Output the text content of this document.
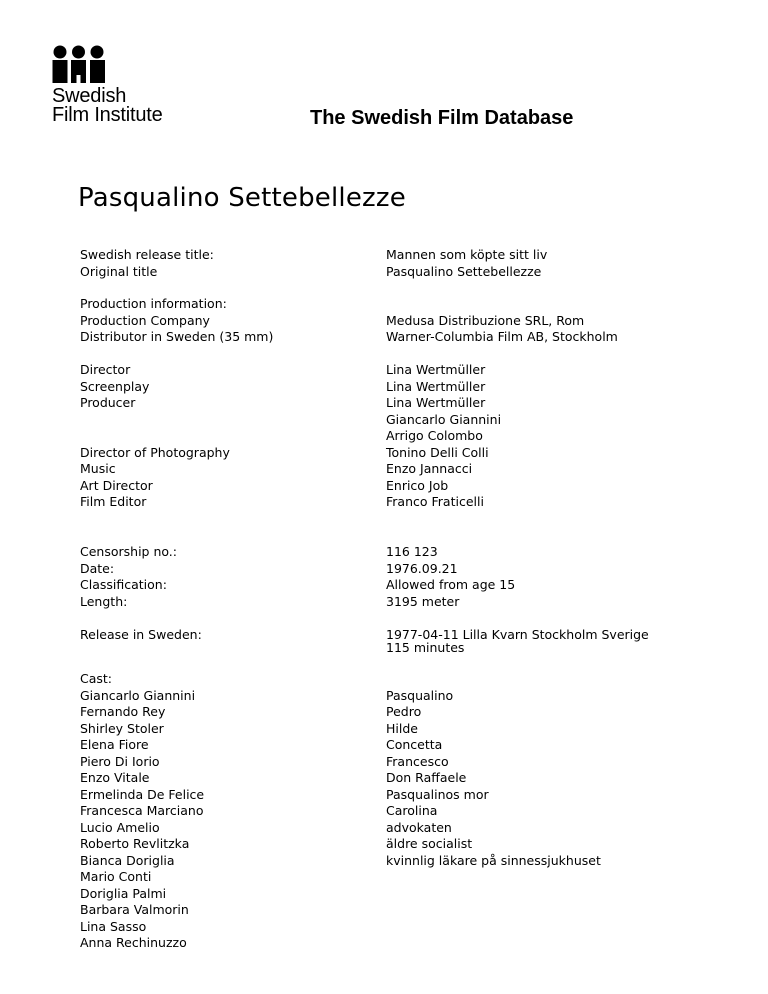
Swedish
Film Institute	The Swedish Film Database
Pasqualino Settebellezze
Swedish release title:
Original title
Mannen som köpte sitt liv
Pasqualino Settebellezze
Production information:
Production Company
Distributor in Sweden (35 mm)
Medusa Distribuzione SRL, Rom
Warner-Columbia Film AB, Stockholm
Director
Screenplay
Producer
Director of Photography
Music
Art Director
Film Editor
Lina Wertmüller
Lina Wertmüller
Lina Wertmüller
Giancarlo Giannini
Arrigo Colombo
Tonino Delli Colli
Enzo Jannacci
Enrico Job
Franco Fraticelli
Censorship no.:
Date:
Classification:
Length:
116 123
1976.09.21
Allowed from age 15
3195 meter
Release in Sweden:	1977-04-11 Lilla Kvarn Stockholm Sverige
115 minutes
Cast:
Giancarlo Giannini
Fernando Rey
Shirley Stoler
Elena Fiore
Piero Di Iorio
Enzo Vitale
Ermelinda De Felice
Francesca Marciano
Lucio Amelio
Roberto Revlitzka
Bianca Doriglia
Mario Conti
Doriglia Palmi
Barbara Valmorin
Lina Sasso
Anna Rechinuzzo
Pasqualino
Pedro
Hilde
Concetta
Francesco
Don Raffaele
Pasqualinos mor
Carolina
advokaten
äldre socialist
kvinnlig läkare på sinnessjukhuset
